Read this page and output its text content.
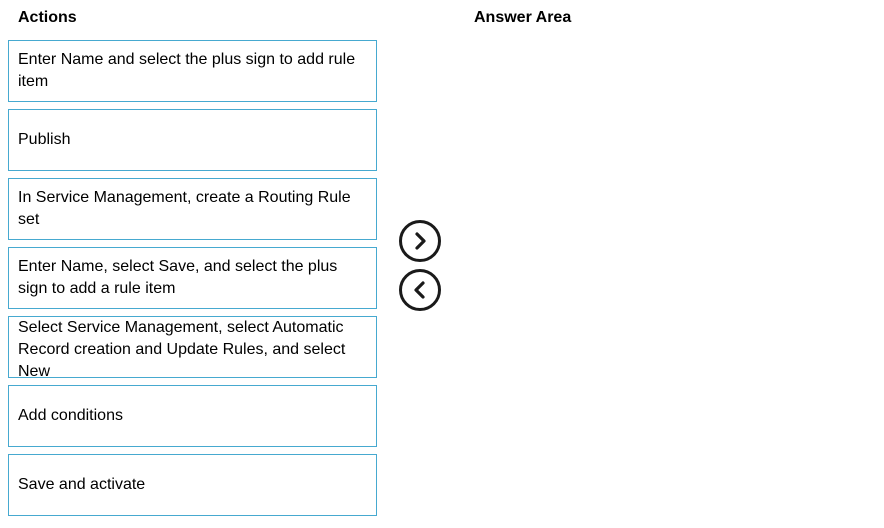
Actions	Answer Area
Enter Name and select the plus sign to add rule item
Publish
In Service Management, create a Routing Rule set
Enter Name, select Save, and select the plus sign to add a rule item
Select Service Management, select Automatic Record creation and Update Rules, and select New
Add conditions
Save and activate
